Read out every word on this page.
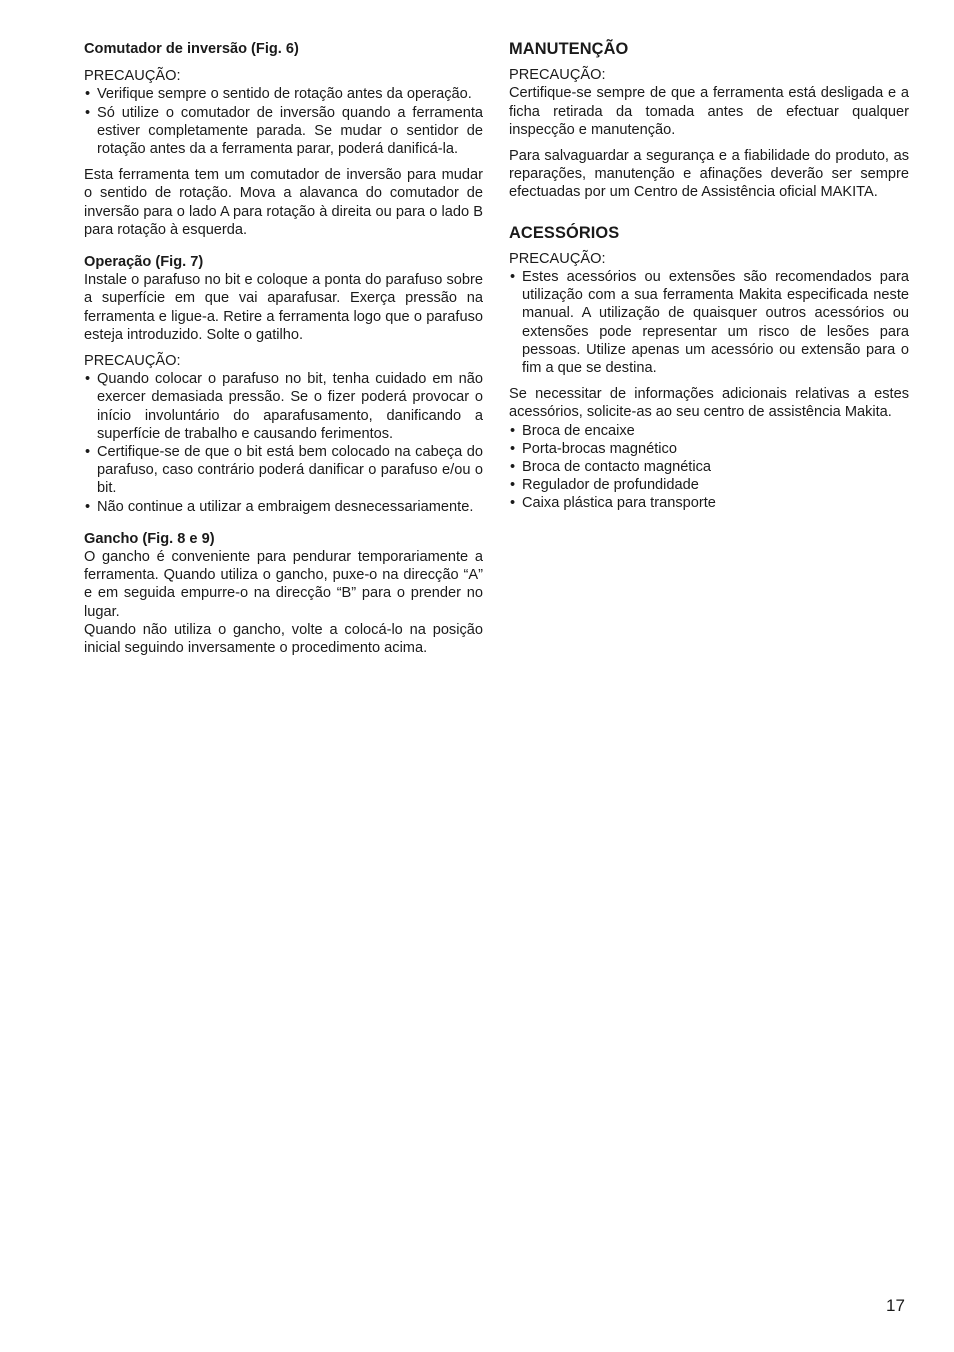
Comutador de inversão (Fig. 6)

PRECAUÇÃO:

• Verifique sempre o sentido de rotação antes da operação.
• Só utilize o comutador de inversão quando a ferramenta estiver completamente parada. Se mudar o sentidor de rotação antes da a ferramenta parar, poderá danificá-la.

Esta ferramenta tem um comutador de inversão para mudar o sentido de rotação. Mova a alavanca do comutador de inversão para o lado A para rotação à direita ou para o lado B para rotação à esquerda.

Operação (Fig. 7)

Instale o parafuso no bit e coloque a ponta do parafuso sobre a superfície em que vai aparafusar. Exerça pressão na ferramenta e ligue-a. Retire a ferramenta logo que o parafuso esteja introduzido. Solte o gatilho.

PRECAUÇÃO:

• Quando colocar o parafuso no bit, tenha cuidado em não exercer demasiada pressão. Se o fizer poderá provocar o início involuntário do aparafusamento, danificando a superfície de trabalho e causando ferimentos.
• Certifique-se de que o bit está bem colocado na cabeça do parafuso, caso contrário poderá danificar o parafuso e/ou o bit.
• Não continue a utilizar a embraigem desnecessariamente.
Gancho (Fig. 8 e 9)

O gancho é conveniente para pendurar temporariamente a ferramenta. Quando utiliza o gancho, puxe-o na direcção “A” e em seguida empurre-o na direcção “B” para o prender no lugar.

Quando não utiliza o gancho, volte a colocá-lo na posição inicial seguindo inversamente o procedimento acima.

MANUTENÇÃO

PRECAUÇÃO:

Certifique-se sempre de que a ferramenta está desligada e a ficha retirada da tomada antes de efectuar qualquer inspecção e manutenção.

Para salvaguardar a segurança e a fiabilidade do produto, as reparações, manutenção e afinações deverão ser sempre efectuadas por um Centro de Assistência oficial MAKITA.

ACESSÓRIOS

PRECAUÇÃO:

• Estes acessórios ou extensões são recomendados para utilização com a sua ferramenta Makita especificada neste manual. A utilização de quaisquer outros acessórios ou extensões pode representar um risco de lesões para pessoas. Utilize apenas um acessório ou extensão para o fim a que se destina.

Se necessitar de informações adicionais relativas a estes acessórios, solicite-as ao seu centro de assistência Makita.

• Broca de encaixe
• Porta-brocas magnético
• Broca de contacto magnética
• Regulador de profundidade
• Caixa plástica para transporte
17
